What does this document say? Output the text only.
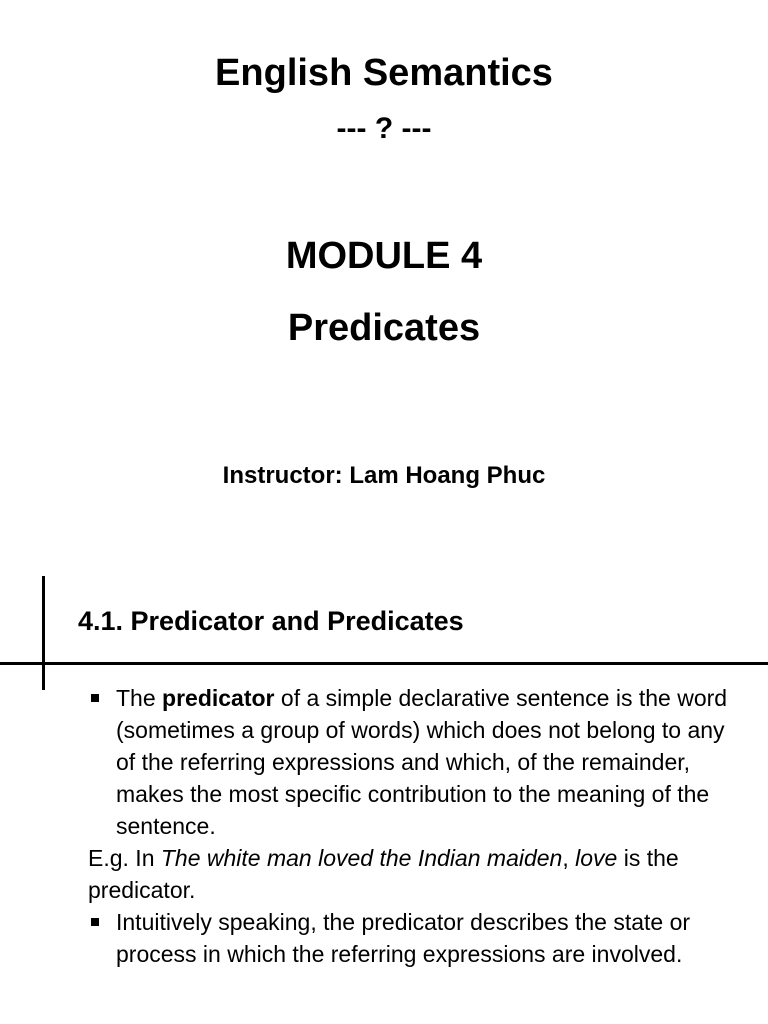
English Semantics
--- ? ---
MODULE 4
Predicates
Instructor: Lam Hoang Phuc
4.1. Predicator and Predicates

The predicator of a simple declarative sentence is the word (sometimes a group of words) which does not belong to any of the referring expressions and which, of the remainder, makes the most specific contribution to the meaning of the sentence.

E.g. In The white man loved the Indian maiden, love is the predicator.

Intuitively speaking, the predicator describes the state or process in which the referring expressions are involved.
